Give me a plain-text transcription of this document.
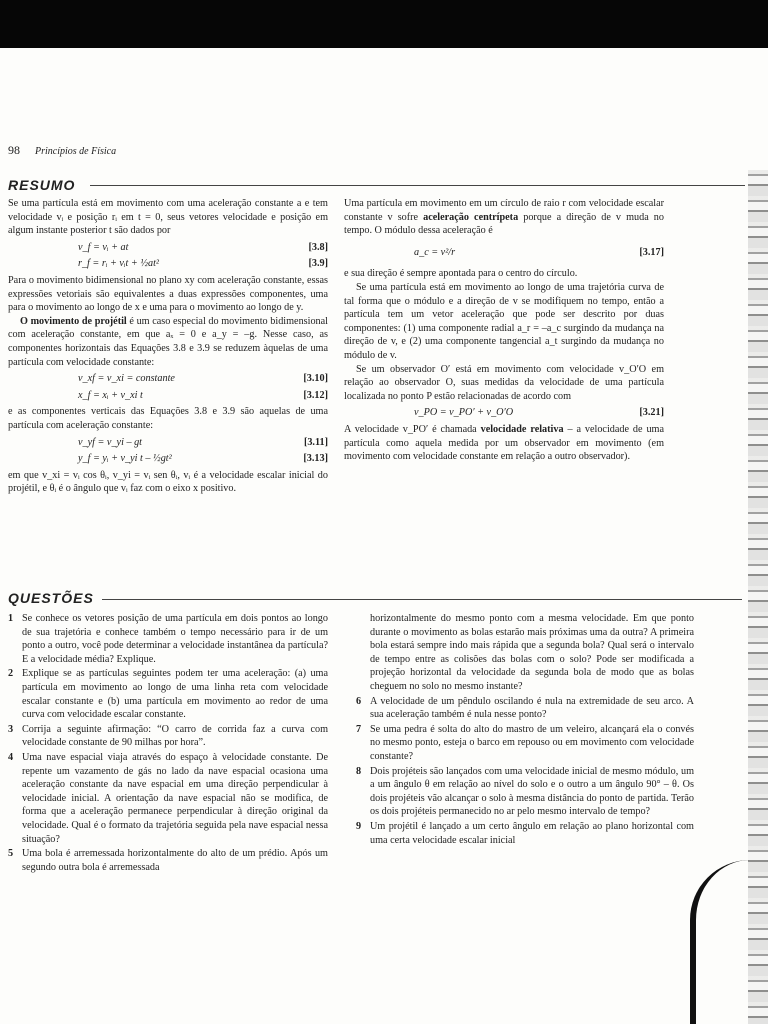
98 Princípios de Física
RESUMO

Se uma partícula está em movimento com uma aceleração constante a e tem velocidade vᵢ e posição rᵢ em t = 0, seus vetores velocidade e posição em algum instante posterior t são dados por

v_f = vᵢ + at	[3.8]
r_f = rᵢ + vᵢt + ½at²	[3.9]

Para o movimento bidimensional no plano xy com aceleração constante, essas expressões vetoriais são equivalentes a duas expressões componentes, uma para o movimento ao longo de x e uma para o movimento ao longo de y.

O movimento de projétil é um caso especial do movimento bidimensional com aceleração constante, em que aₓ = 0 e a_y = –g. Nesse caso, as componentes horizontais das Equações 3.8 e 3.9 se reduzem àquelas de uma partícula com velocidade constante:

v_xf = v_xi = constante	[3.10]
x_f = xᵢ + v_xi t	[3.12]

e as componentes verticais das Equações 3.8 e 3.9 são aquelas de uma partícula com aceleração constante:

v_yf = v_yi – gt	[3.11]
y_f = yᵢ + v_yi t – ½gt²	[3.13]

em que v_xi = vᵢ cos θᵢ, v_yi = vᵢ sen θᵢ, vᵢ é a velocidade escalar inicial do projétil, e θᵢ é o ângulo que vᵢ faz com o eixo x positivo.

Uma partícula em movimento em um círculo de raio r com velocidade escalar constante v sofre aceleração centrípeta porque a direção de v muda no tempo. O módulo dessa aceleração é

a_c = v²/r	[3.17]

e sua direção é sempre apontada para o centro do círculo.

Se uma partícula está em movimento ao longo de uma trajetória curva de tal forma que o módulo e a direção de v se modifiquem no tempo, então a partícula tem um vetor aceleração que pode ser descrito por duas componentes: (1) uma componente radial a_r = –a_c surgindo da mudança na direção de v, e (2) uma componente tangencial a_t surgindo da mudança no módulo de v.

Se um observador O′ está em movimento com velocidade v_O′O em relação ao observador O, suas medidas da velocidade de uma partícula localizada no ponto P estão relacionadas de acordo com

v_PO = v_PO′ + v_O′O	[3.21]

A velocidade v_PO′ é chamada velocidade relativa – a velocidade de uma partícula como aquela medida por um observador em movimento (em movimento com velocidade constante em relação a outro observador).

QUESTÕES
1 Se conhece os vetores posição de uma partícula em dois pontos ao longo de sua trajetória e conhece também o tempo necessário para ir de um ponto a outro, você pode determinar a velocidade instantânea da partícula? E a velocidade média? Explique.
2 Explique se as partículas seguintes podem ter uma aceleração: (a) uma partícula em movimento ao longo de uma linha reta com velocidade escalar constante e (b) uma partícula em movimento ao redor de uma curva com velocidade escalar constante.
3 Corrija a seguinte afirmação: “O carro de corrida faz a curva com velocidade constante de 90 milhas por hora”.
4 Uma nave espacial viaja através do espaço à velocidade constante. De repente um vazamento de gás no lado da nave espacial ocasiona uma aceleração constante da nave espacial em uma direção perpendicular à velocidade inicial. A orientação da nave espacial não se modifica, de forma que a aceleração permanece perpendicular à direção original da velocidade. Qual é o formato da trajetória seguida pela nave espacial nessa situação?
5 Uma bola é arremessada horizontalmente do alto de um prédio. Após um segundo outra bola é arremessada
horizontalmente do mesmo ponto com a mesma velocidade. Em que ponto durante o movimento as bolas estarão mais próximas uma da outra? A primeira bola estará sempre indo mais rápida que a segunda bola? Qual será o intervalo de tempo entre as colisões das bolas com o solo? Pode ser modificada a projeção horizontal da velocidade da segunda bola de modo que as bolas cheguem no solo no mesmo instante?
6 A velocidade de um pêndulo oscilando é nula na extremidade de seu arco. A sua aceleração também é nula nesse ponto?
7 Se uma pedra é solta do alto do mastro de um veleiro, alcançará ela o convés no mesmo ponto, esteja o barco em repouso ou em movimento com velocidade constante?
8 Dois projéteis são lançados com uma velocidade inicial de mesmo módulo, um a um ângulo θ em relação ao nível do solo e o outro a um ângulo 90° – θ. Os dois projéteis vão alcançar o solo à mesma distância do ponto de partida. Terão os dois projéteis permanecido no ar pelo mesmo intervalo de tempo?
9 Um projétil é lançado a um certo ângulo em relação ao plano horizontal com uma certa velocidade escalar inicial
